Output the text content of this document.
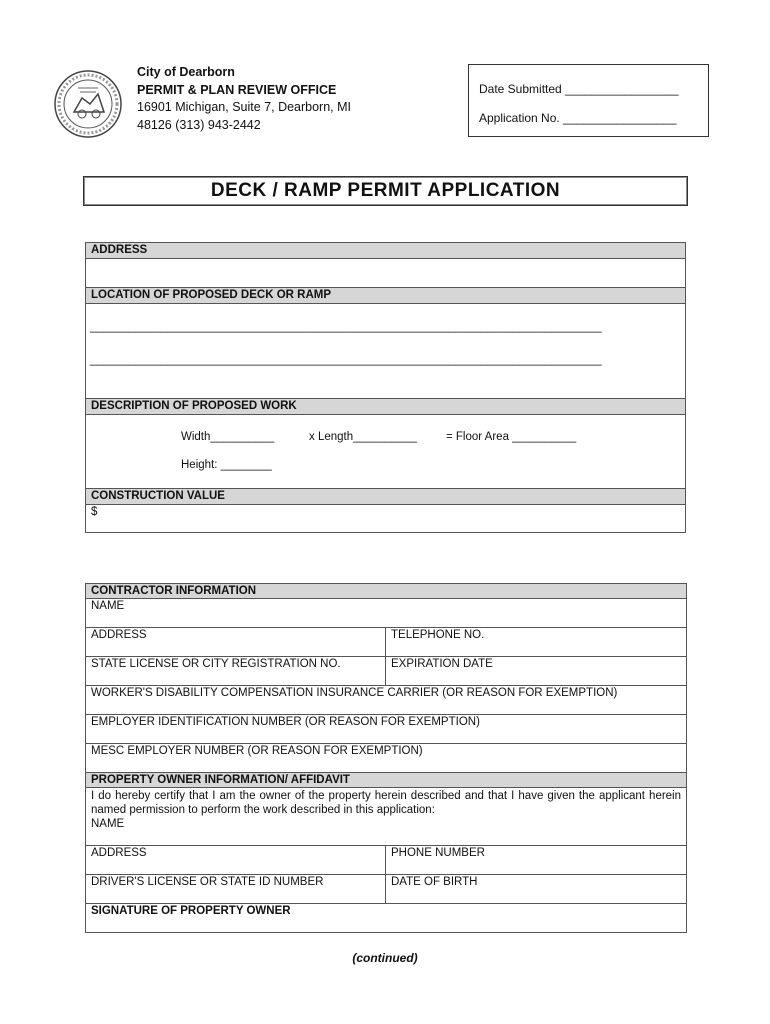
City of Dearborn
PERMIT & PLAN REVIEW OFFICE
16901 Michigan, Suite 7, Dearborn, MI
48126 (313) 943-2442
Date Submitted _________________
Application No. _________________
DECK / RAMP PERMIT APPLICATION
ADDRESS

LOCATION OF PROPOSED DECK OR RAMP

________________________________________________________________________________
________________________________________________________________________________

DESCRIPTION OF PROPOSED WORK

Width__________	x Length__________	= Floor Area __________
Height: ________

CONSTRUCTION VALUE
$
CONTRACTOR INFORMATION	
NAME	
ADDRESS	TELEPHONE NO.
STATE LICENSE OR CITY REGISTRATION NO.	EXPIRATION DATE
WORKER'S DISABILITY COMPENSATION INSURANCE CARRIER (OR REASON FOR EXEMPTION)	
EMPLOYER IDENTIFICATION NUMBER (OR REASON FOR EXEMPTION)	
MESC EMPLOYER NUMBER (OR REASON FOR EXEMPTION)	
PROPERTY OWNER INFORMATION/ AFFIDAVIT	

I do hereby certify that I am the owner of the property herein described and that I have given the applicant herein named permission to perform the work described in this application:
NAME	

ADDRESS	PHONE NUMBER
DRIVER'S LICENSE OR STATE ID NUMBER	DATE OF BIRTH
SIGNATURE OF PROPERTY OWNER	
(continued)
